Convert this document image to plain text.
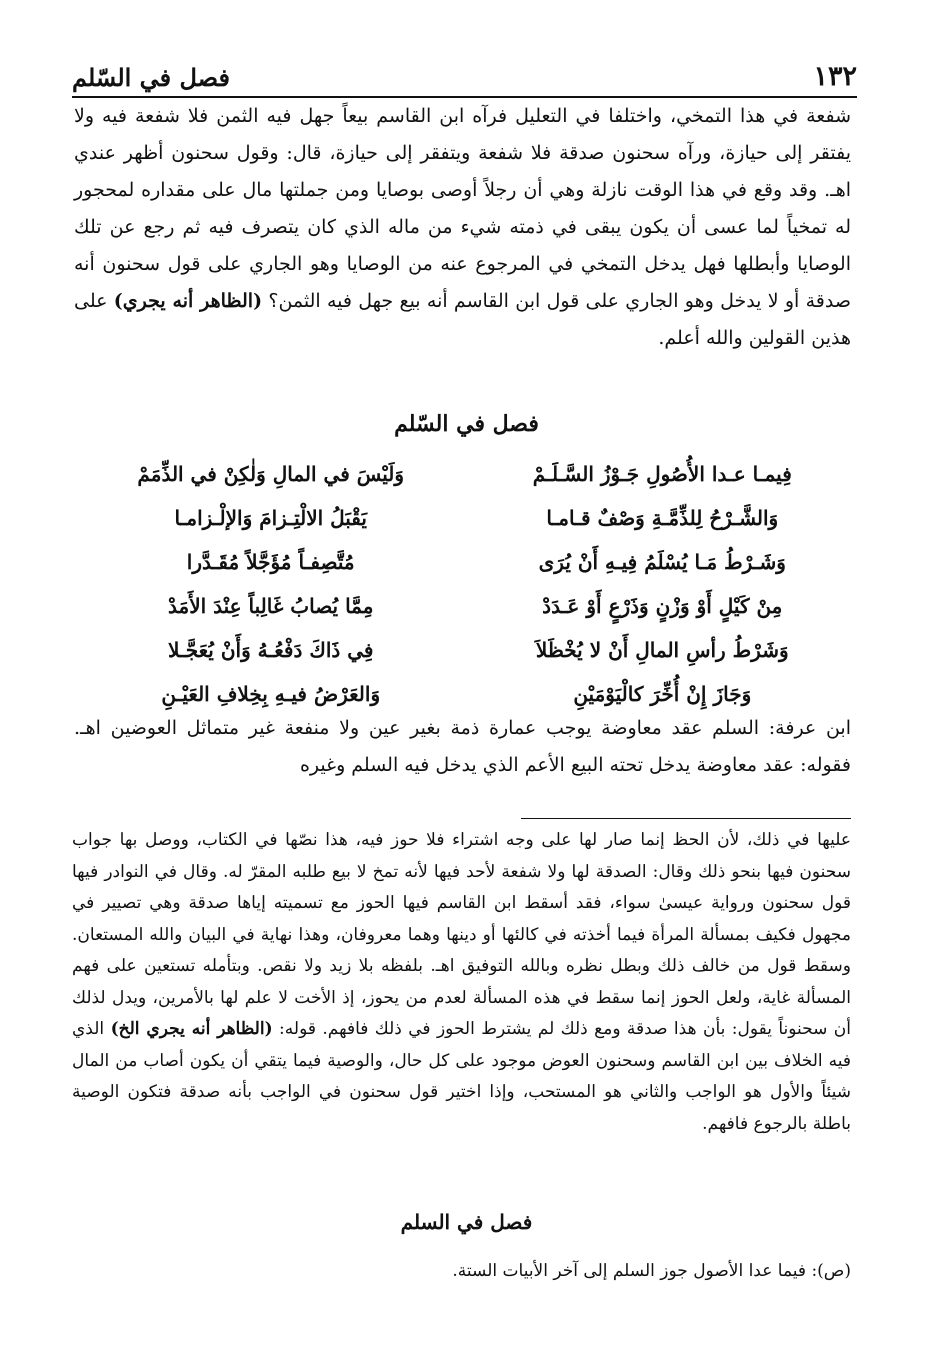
١٣٢
فصل في السّلم
شفعة في هذا التمخي، واختلفا في التعليل فرآه ابن القاسم بيعاً جهل فيه الثمن فلا شفعة فيه ولا يفتقر إلى حيازة، ورآه سحنون صدقة فلا شفعة ويتفقر إلى حيازة، قال: وقول سحنون أظهر عندي اهـ. وقد وقع في هذا الوقت نازلة وهي أن رجلاً أوصى بوصايا ومن جملتها مال على مقداره لمحجور له تمخياً لما عسى أن يكون يبقى في ذمته شيء من ماله الذي كان يتصرف فيه ثم رجع عن تلك الوصايا وأبطلها فهل يدخل التمخي في المرجوع عنه من الوصايا وهو الجاري على قول سحنون أنه صدقة أو لا يدخل وهو الجاري على قول ابن القاسم أنه بيع جهل فيه الثمن؟ (الظاهر أنه يجري) على هذين القولين والله أعلم.
فصل في السّلم
فِيمـا عـدا الأُصُولِ جَـوْزُ السَّـلَـمْ
وَلَيْسَ في المالِ وَلٰكِنْ في الذِّمَمْ
وَالشَّـرْحُ لِلذِّمَّـةِ وَصْفٌ قـامـا
يَقْبَلُ الالْتِـزامَ وَالإلْـزامـا
وَشَـرْطُ مَـا يُسْلَمُ فِيـهِ أَنْ يُرَى
مُتَّصِفـاً مُؤَجَّلاً مُقَـدَّرا
مِنْ كَيْلٍ أَوْ وَزْنٍ وَذَرْعٍ أَوْ عَـدَدْ
مِمَّا يُصابُ غَالِباً عِنْدَ الأَمَدْ
وَشَرْطُ رأسِ المالِ أَنْ لا يُخْظَلاَ
فِي ذَاكَ دَفْعُـهُ وَأَنْ يُعَجَّـلا
وَجَازَ إِنْ أُخِّرَ كالْيَوْمَيْنِ
وَالعَرْضُ فيـهِ بِخِلافِ العَيْـنِ
ابن عرفة: السلم عقد معاوضة يوجب عمارة ذمة بغير عين ولا منفعة غير متماثل العوضين اهـ. فقوله: عقد معاوضة يدخل تحته البيع الأعم الذي يدخل فيه السلم وغيره
عليها في ذلك، لأن الحظ إنما صار لها على وجه اشتراء فلا حوز فيه، هذا نصّها في الكتاب، ووصل بها جواب سحنون فيها بنحو ذلك وقال: الصدقة لها ولا شفعة لأحد فيها لأنه تمخ لا بيع طلبه المقرّ له. وقال في النوادر فيها قول سحنون ورواية عيسىٰ سواء، فقد أسقط ابن القاسم فيها الحوز مع تسميته إياها صدقة وهي تصيير في مجهول فكيف بمسألة المرأة فيما أخذته في كالئها أو دينها وهما معروفان، وهذا نهاية في البيان والله المستعان. وسقط قول من خالف ذلك وبطل نظره وبالله التوفيق اهـ. بلفظه بلا زيد ولا نقص. وبتأمله تستعين على فهم المسألة غاية، ولعل الحوز إنما سقط في هذه المسألة لعدم من يحوز، إذ الأخت لا علم لها بالأمرين، ويدل لذلك أن سحنوناً يقول: بأن هذا صدقة ومع ذلك لم يشترط الحوز في ذلك فافهم. قوله: (الظاهر أنه يجري الخ) الذي فيه الخلاف بين ابن القاسم وسحنون العوض موجود على كل حال، والوصية فيما يتقي أن يكون أصاب من المال شيئاً والأول هو الواجب والثاني هو المستحب، وإذا اختير قول سحنون في الواجب بأنه صدقة فتكون الوصية باطلة بالرجوع فافهم.
فصل في السلم
(ص): فيما عدا الأصول جوز السلم إلى آخر الأبيات الستة.
